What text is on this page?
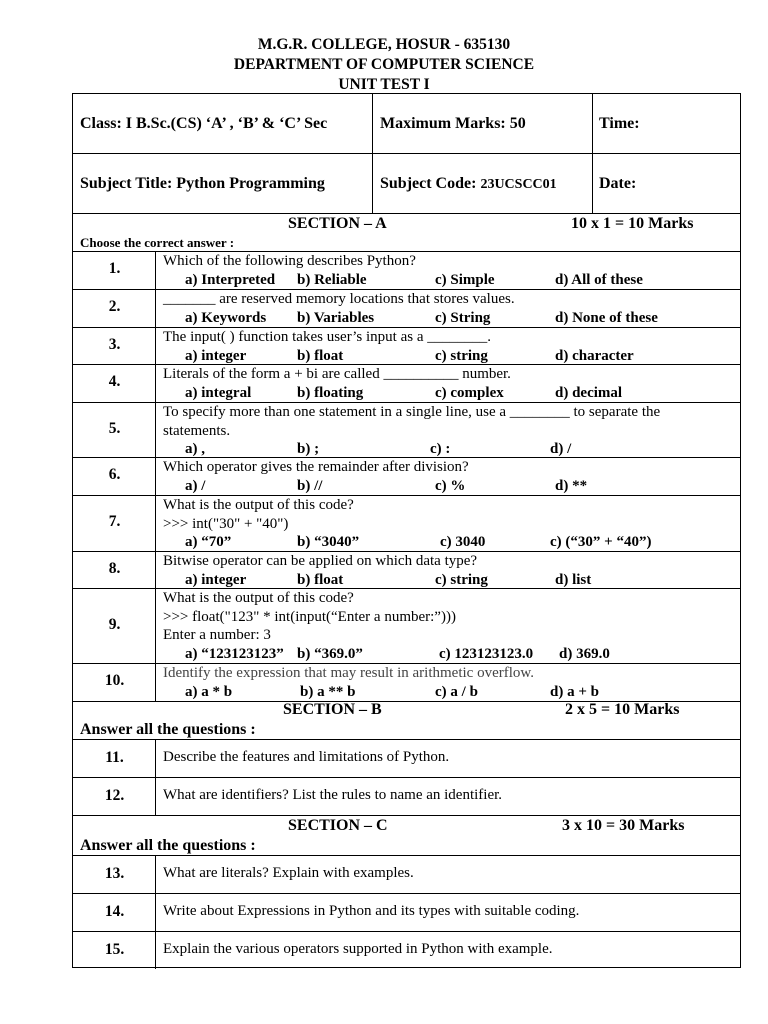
M.G.R. COLLEGE, HOSUR - 635130
DEPARTMENT OF COMPUTER SCIENCE
UNIT TEST I
Class: I B.Sc.(CS) ‘A’ , ‘B’ & ‘C’ Sec	Maximum Marks: 50	Time:
Subject Title: Python Programming	Subject Code: 23UCSCC01	Date:
SECTION – A	10 x 1 = 10 Marks
Choose the correct answer :
1.	Which of the following describes Python?
a) Interpreted b) Reliable	c) Simple	d) All of these
2.	_______ are reserved memory locations that stores values.
a) Keywords b) Variables	c) String	d) None of these
3.	The input( ) function takes user’s input as a ________.
a) integer	b) float	c) string	d) character
4.	Literals of the form a + bi are called __________ number.
a) integral	b) floating	c) complex	d) decimal
5.
To specify more than one statement in a single line, use a ________ to separate the
statements.
a) ,	b) ;	c) :	d) /
6.	Which operator gives the remainder after division?
a) /	b) //	c) %	d) **
7.
What is the output of this code?
>>> int("30" + "40")
a) “70”	b) “3040”	c) 3040	c) (“30” + “40”)
8.	Bitwise operator can be applied on which data type?
a) integer	b) float	c) string	d) list
9.
What is the output of this code?
>>> float("123" * int(input(“Enter a number:”)))
Enter a number: 3
a) “123123123” b) “369.0”	c) 123123123.0 d) 369.0
10.	Identify the expression that may result in arithmetic overflow.
a) a * b	b) a ** b	c) a / b	d) a + b
SECTION – B	2 x 5 = 10 Marks
Answer all the questions :
11.	Describe the features and limitations of Python.
12.	What are identifiers? List the rules to name an identifier.
SECTION – C	3 x 10 = 30 Marks
Answer all the questions :
13.	What are literals? Explain with examples.
14.	Write about Expressions in Python and its types with suitable coding.
15.	Explain the various operators supported in Python with example.
